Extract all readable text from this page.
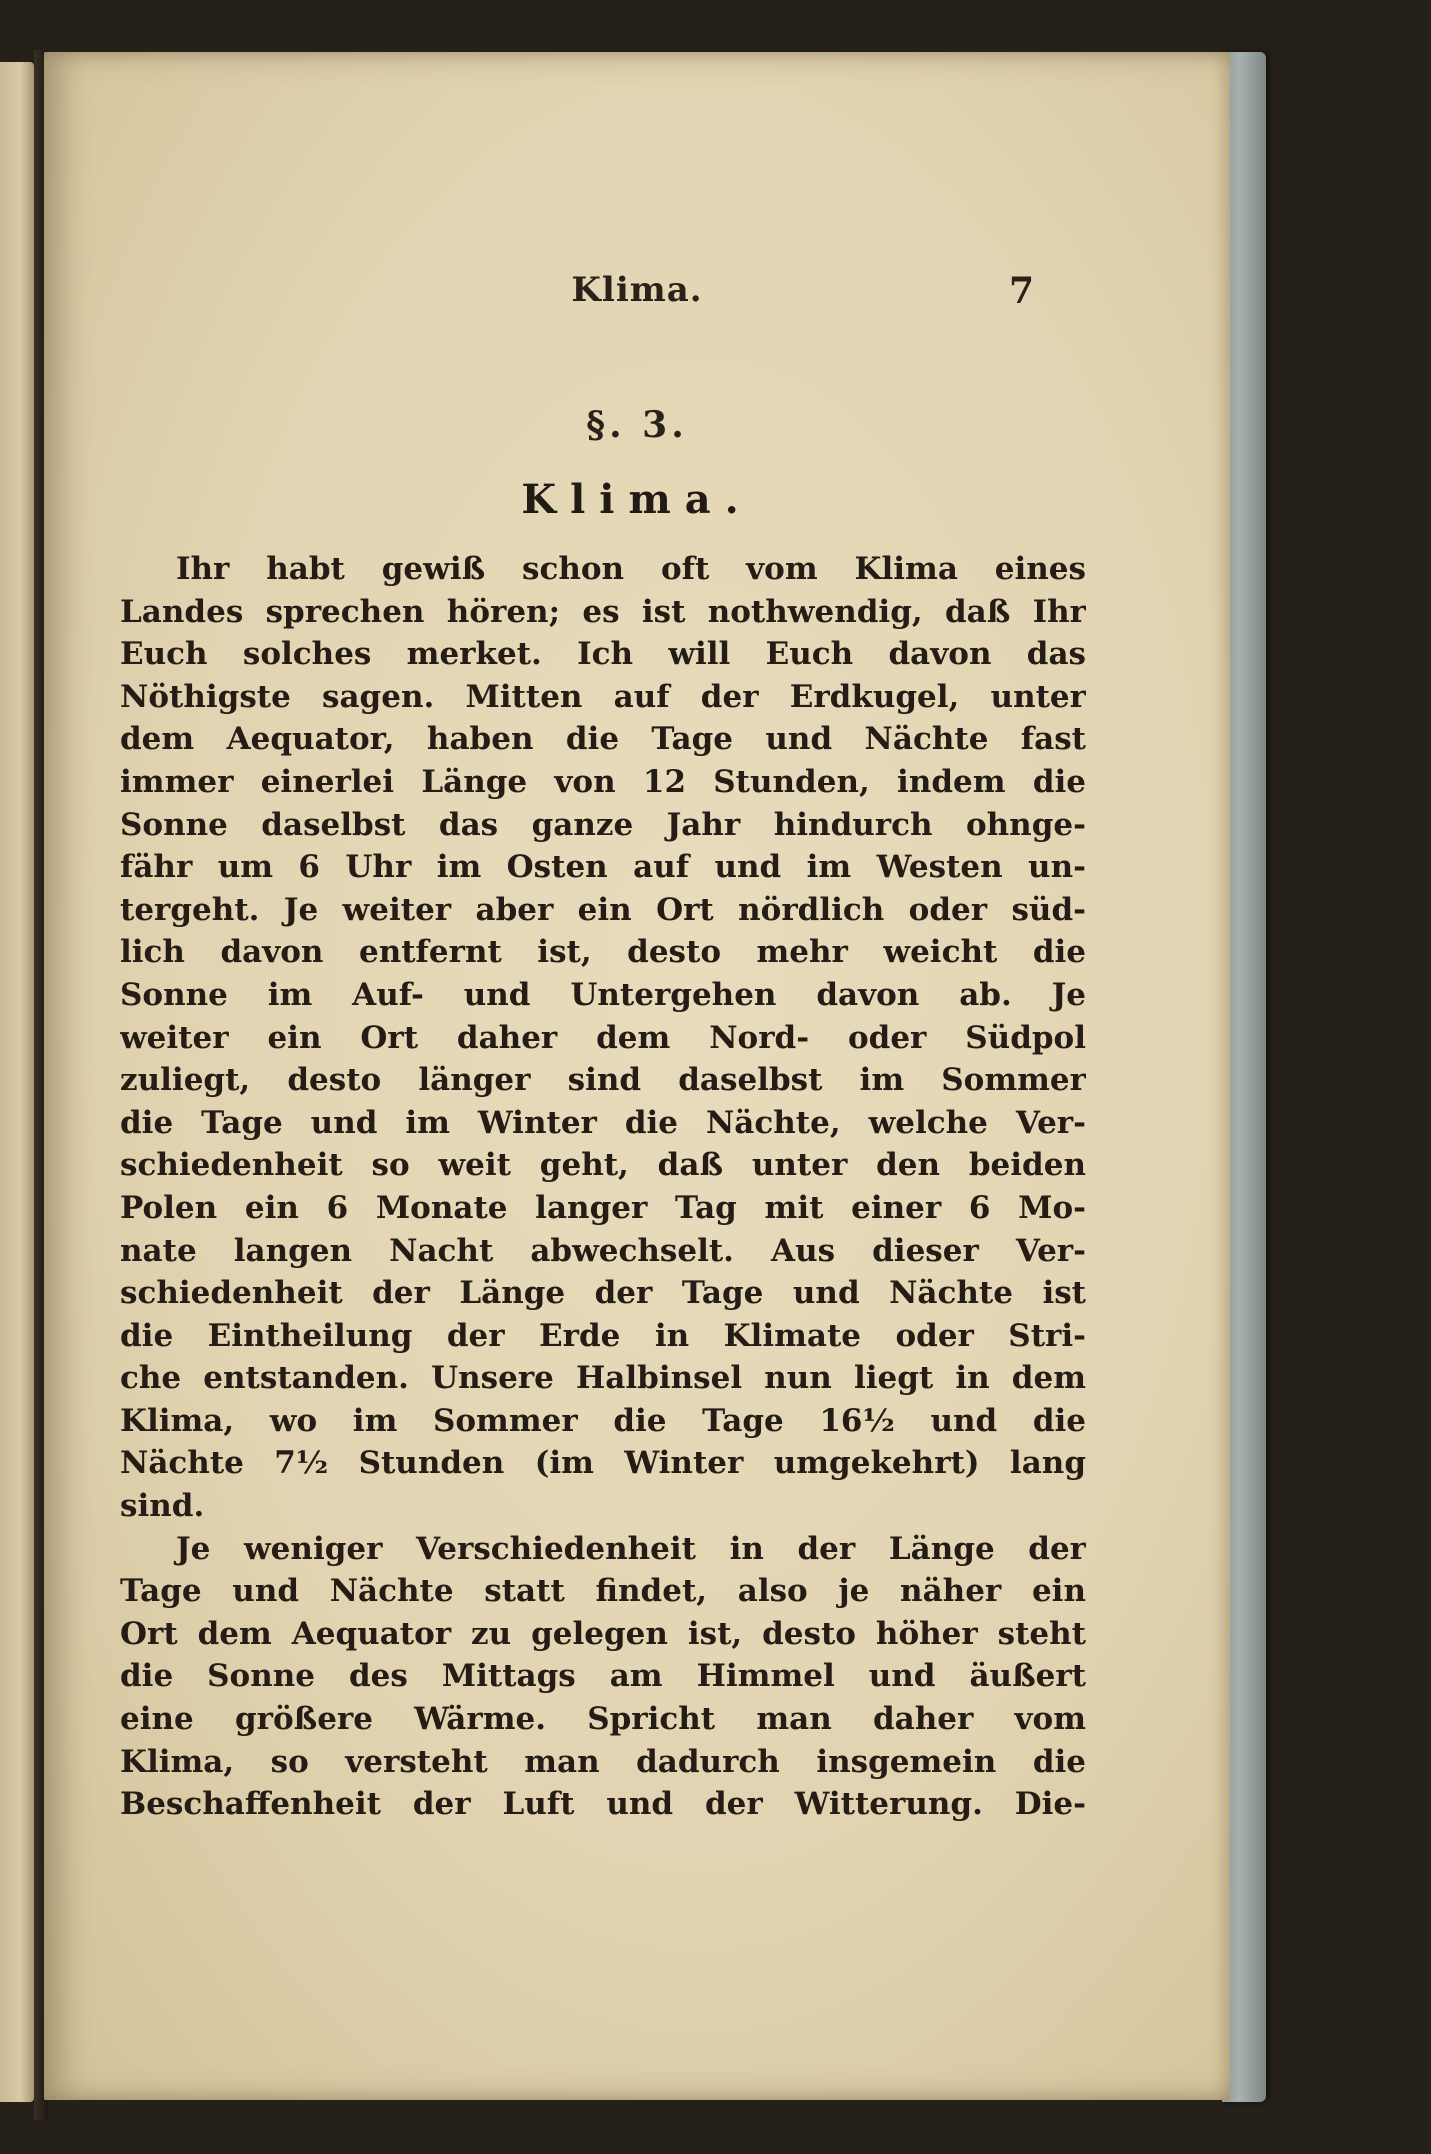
Klima.	7
§. 3.
Klima.
Ihr habt gewiß schon oft vom Klima eines
Landes sprechen hören; es ist nothwendig, daß Ihr
Euch solches merket. Ich will Euch davon das
Nöthigste sagen. Mitten auf der Erdkugel, unter
dem Aequator, haben die Tage und Nächte fast
immer einerlei Länge von 12 Stunden, indem die
Sonne daselbst das ganze Jahr hindurch ohnge-
fähr um 6 Uhr im Osten auf und im Westen un-
tergeht. Je weiter aber ein Ort nördlich oder süd-
lich davon entfernt ist, desto mehr weicht die
Sonne im Auf- und Untergehen davon ab. Je
weiter ein Ort daher dem Nord- oder Südpol
zuliegt, desto länger sind daselbst im Sommer
die Tage und im Winter die Nächte, welche Ver-
schiedenheit so weit geht, daß unter den beiden
Polen ein 6 Monate langer Tag mit einer 6 Mo-
nate langen Nacht abwechselt. Aus dieser Ver-
schiedenheit der Länge der Tage und Nächte ist
die Eintheilung der Erde in Klimate oder Stri-
che entstanden. Unsere Halbinsel nun liegt in dem
Klima, wo im Sommer die Tage 16½ und die
Nächte 7½ Stunden (im Winter umgekehrt) lang
sind.
Je weniger Verschiedenheit in der Länge der
Tage und Nächte statt findet, also je näher ein
Ort dem Aequator zu gelegen ist, desto höher steht
die Sonne des Mittags am Himmel und äußert
eine größere Wärme. Spricht man daher vom
Klima, so versteht man dadurch insgemein die
Beschaffenheit der Luft und der Witterung. Die-
